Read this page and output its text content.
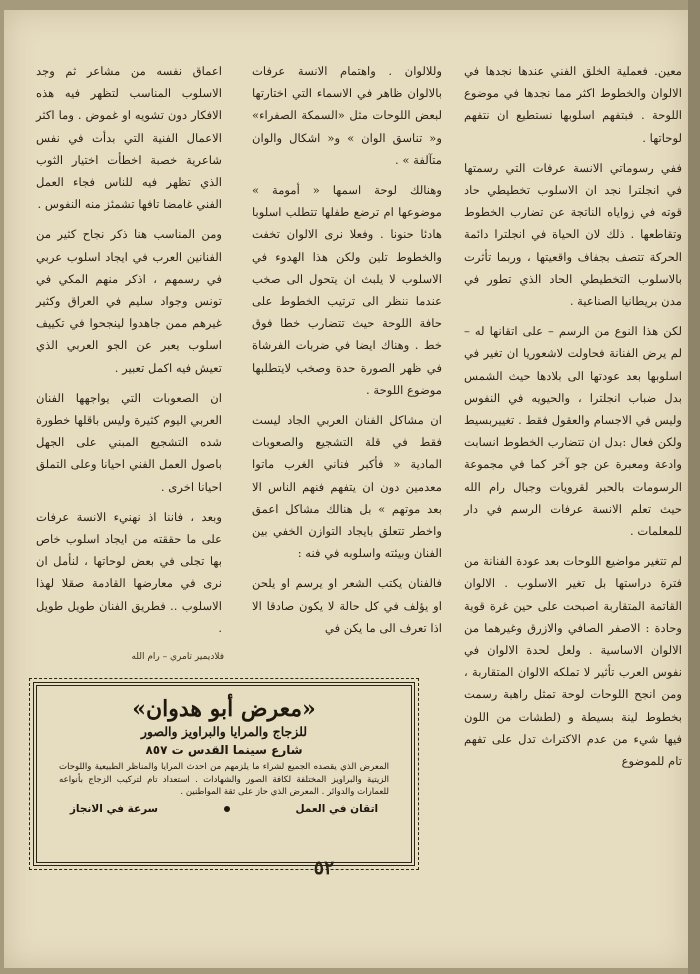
معين. فعملية الخلق الفني عندها نجدها في الالوان والخطوط اكثر مما نجدها في موضوع اللوحة . فبتفهم اسلوبها نستطيع ان نتفهم لوحاتها .

ففي رسوماتي الانسة عرفات التي رسمتها في انجلترا نجد ان الاسلوب تخطيطي حاد قوته في زواياه الناتجة عن تضارب الخطوط وتقاطعها . ذلك لان الحياة في انجلترا دائمة الحركة تتصف بجفاف واقعيتها ، وربما تأثرت بالاسلوب التخطيطي الحاد الذي تطور في مدن بريطانيا الصناعية .

لكن هذا النوع من الرسم – على اتقانها له – لم يرض الفنانة فحاولت لاشعوريا ان تغير في اسلوبها بعد عودتها الى بلادها حيث الشمس بدل ضباب انجلترا ، والحيويه في النفوس وليس في الاجسام والعقول فقط . تغييربسيط ولكن فعال :بدل ان تتضارب الخطوط انسابت وادعة ومعبرة عن جو آخر كما في مجموعة الرسومات بالحبر لقرويات وجبال رام الله حيث تعلم الانسة عرفات الرسم في دار للمعلمات .

لم تتغير مواضيع اللوحات بعد عودة الفنانة من فترة دراستها بل تغير الاسلوب . الالوان القاتمة المتقاربة اصبحت على حين غرة قوية وحادة : الاصفر الصافي والازرق وغيرهما من الالوان الاساسية . ولعل لحدة الالوان في نفوس العرب تأثير لا تملكه الالوان المتقاربة ، ومن انجح اللوحات لوحة تمثل راهبة رسمت بخطوط لينة بسيطة و (لطشات من اللون فيها شيء من عدم الاكتراث تدل على تفهم تام للموضوع

وللالوان . واهتمام الانسة عرفات بالالوان ظاهر في الاسماء التي اختارتها لبعض اللوحات مثل «السمكة الصفراء» و« تناسق الوان » و« اشكال والوان متآلفة » .

وهنالك لوحة اسمها « أمومة » موضوعها ام ترضع طفلها تتطلب اسلوبا هادئا حنونا . وفعلا نرى الالوان تخفت والخطوط تلين ولكن هذا الهدوء في الاسلوب لا يلبث ان يتحول الى صخب عندما ننظر الى ترتيب الخطوط على حافة اللوحة حيث تتضارب خطا فوق خط . وهناك ايضا في ضربات الفرشاة في ظهر الصورة حدة وصخب لايتطلبها موضوع اللوحة .

ان مشاكل الفنان العربي الجاد ليست فقط في قلة التشجيع والصعوبات المادية « فأكبر فناني الغرب ماتوا معدمين دون ان يتفهم فنهم الناس الا بعد موتهم » بل هنالك مشاكل اعمق واخطر تتعلق بايجاد التوازن الخفي بين الفنان وبيئته واسلوبه في فنه :

فالفنان يكتب الشعر او يرسم او يلحن او يؤلف في كل حالة لا يكون صادقا الا اذا تعرف الى ما يكن في

اعماق نفسه من مشاعر ثم وجد الاسلوب المناسب لتظهر فيه هذه الافكار دون تشويه او غموض . وما اكثر الاعمال الفنية التي بدأت في نفس شاعرية خصبة اخطأت اختيار الثوب الذي تظهر فيه للناس فجاء العمل الفني غامضا تافها تشمئز منه النفوس .

ومن المناسب هنا ذكر نجاح كثير من الفنانين العرب في ايجاد اسلوب عربي في رسمهم ، اذكر منهم المكي في تونس وجواد سليم في العراق وكثير غيرهم ممن جاهدوا لينجحوا في تكييف اسلوب يعبر عن الجو العربي الذي تعيش فيه اكمل تعبير .

ان الصعوبات التي يواجهها الفنان العربي اليوم كثيرة وليس باقلها خطورة شده التشجيع المبني على الجهل باصول العمل الفني احيانا وعلى التملق احيانا اخرى .

وبعد ، فاننا اذ نهنيء الانسة عرفات على ما حققته من ايجاد اسلوب خاص بها تجلى في بعض لوحاتها ، لنأمل ان نرى في معارضها القادمة صقلا لهذا الاسلوب .. فطريق الفنان طويل طويل .

فلاديمير تامري – رام الله
«معرض أبو هدوان»
للزجاج والمرايا والبراويز والصور
شارع سينما القدس ت ٨٥٧
المعرض الذي يقصده الجميع لشراء ما يلزمهم من احدث المرايا والمناظر الطبيعية واللوحات الزيتية والبراويز المختلفة لكافة الصور والشهادات . استعداد تام لتركيب الزجاج بأنواعه للعمارات والدوائر . المعرض الذي حاز على ثقة المواطنين .
اتقان في العمل
سرعة في الانجاز
٥٢
